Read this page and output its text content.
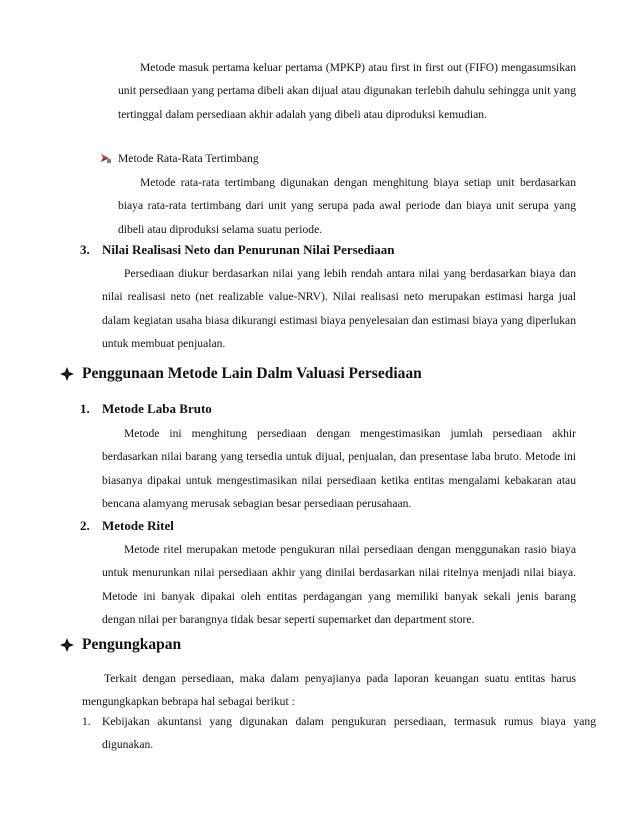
Metode masuk pertama keluar pertama (MPKP) atau first in first out (FIFO) mengasumsikan unit persediaan yang pertama dibeli akan dijual atau digunakan terlebih dahulu sehingga unit yang tertinggal dalam persediaan akhir adalah yang dibeli atau diproduksi kemudian.

Metode Rata-Rata Tertimbang

Metode rata-rata tertimbang digunakan dengan menghitung biaya setiap unit berdasarkan biaya rata-rata tertimbang dari unit yang serupa pada awal periode dan biaya unit serupa yang dibeli atau diproduksi selama suatu periode.

3. Nilai Realisasi Neto dan Penurunan Nilai Persediaan

Persediaan diukur berdasarkan nilai yang lebih rendah antara nilai yang berdasarkan biaya dan nilai realisasi neto (net realizable value-NRV). Nilai realisasi neto merupakan estimasi harga jual dalam kegiatan usaha biasa dikurangi estimasi biaya penyelesaian dan estimasi biaya yang diperlukan untuk membuat penjualan.

Penggunaan Metode Lain Dalm Valuasi Persediaan
1. Metode Laba Bruto

Metode ini menghitung persediaan dengan mengestimasikan jumlah persediaan akhir berdasarkan nilai barang yang tersedia untuk dijual, penjualan, dan presentase laba bruto. Metode ini biasanya dipakai untuk mengestimasikan nilai persediaan ketika entitas mengalami kebakaran atau bencana alamyang merusak sebagian besar persediaan perusahaan.

2. Metode Ritel

Metode ritel merupakan metode pengukuran nilai persediaan dengan menggunakan rasio biaya untuk menurunkan nilai persediaan akhir yang dinilai berdasarkan nilai ritelnya menjadi nilai biaya. Metode ini banyak dipakai oleh entitas perdagangan yang memiliki banyak sekali jenis barang dengan nilai per barangnya tidak besar seperti supemarket dan department store.

Pengungkapan

Terkait dengan persediaan, maka dalam penyajianya pada laporan keuangan suatu entitas harus mengungkapkan bebrapa hal sebagai berikut :

1. Kebijakan akuntansi yang digunakan dalam pengukuran persediaan, termasuk rumus biaya yang digunakan.
